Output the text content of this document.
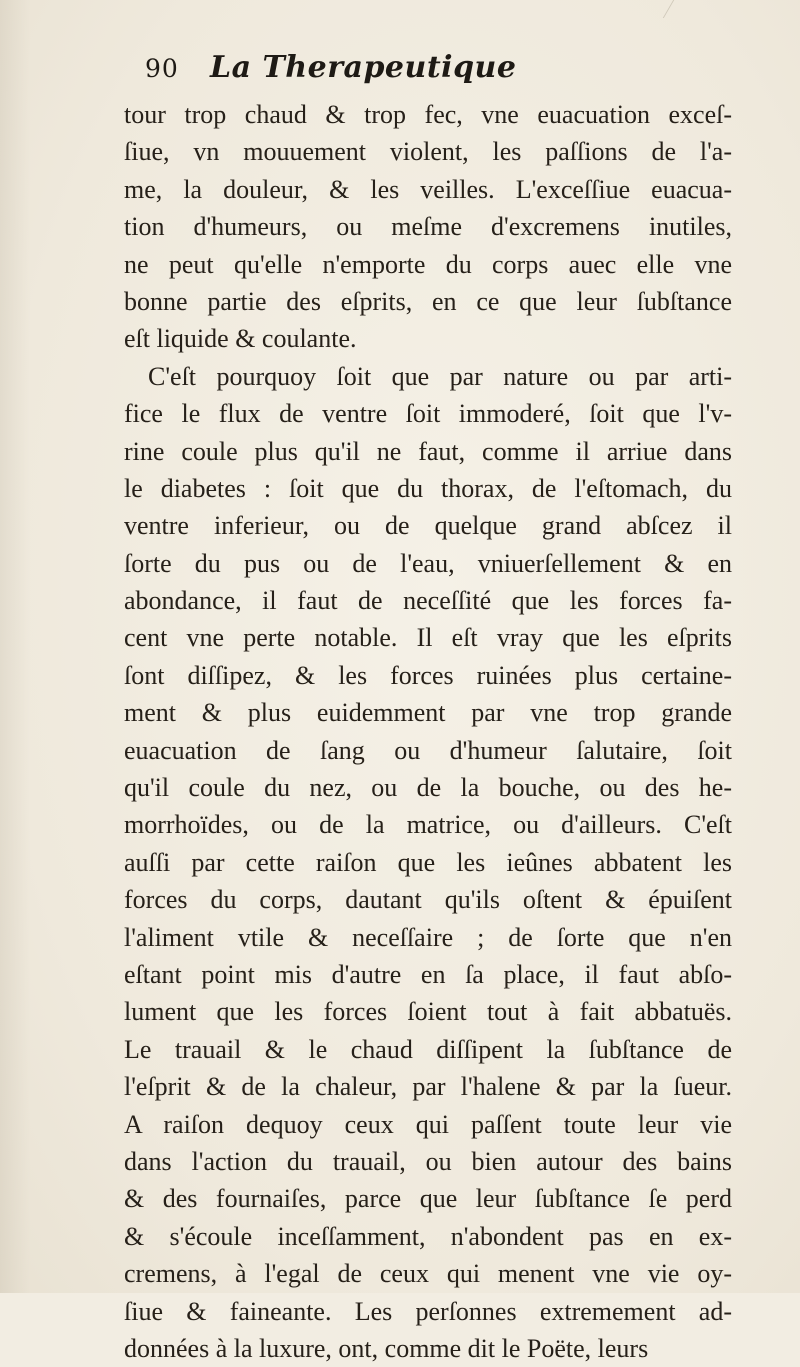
90 La Therapeutique
tour trop chaud & trop fec, vne euacuation exceſ-
ſiue, vn mouuement violent, les paſſions de l'a-
me, la douleur, & les veilles. L'exceſſiue euacua-
tion d'humeurs, ou meſme d'excremens inutiles,
ne peut qu'elle n'emporte du corps auec elle vne
bonne partie des eſprits, en ce que leur ſubſtance
eſt liquide & coulante.
C'eſt pourquoy ſoit que par nature ou par arti-
fice le flux de ventre ſoit immoderé, ſoit que l'v-
rine coule plus qu'il ne faut, comme il arriue dans
le diabetes : ſoit que du thorax, de l'eſtomach, du
ventre inferieur, ou de quelque grand abſcez il
ſorte du pus ou de l'eau, vniuerſellement & en
abondance, il faut de neceſſité que les forces fa-
cent vne perte notable. Il eſt vray que les eſprits
ſont diſſipez, & les forces ruinées plus certaine-
ment & plus euidemment par vne trop grande
euacuation de ſang ou d'humeur ſalutaire, ſoit
qu'il coule du nez, ou de la bouche, ou des he-
morrhoïdes, ou de la matrice, ou d'ailleurs. C'eſt
auſſi par cette raiſon que les ieûnes abbatent les
forces du corps, dautant qu'ils oſtent & épuiſent
l'aliment vtile & neceſſaire ; de ſorte que n'en
eſtant point mis d'autre en ſa place, il faut abſo-
lument que les forces ſoient tout à fait abbatuës.
Le trauail & le chaud diſſipent la ſubſtance de
l'eſprit & de la chaleur, par l'halene & par la ſueur.
A raiſon dequoy ceux qui paſſent toute leur vie
dans l'action du trauail, ou bien autour des bains
& des fournaiſes, parce que leur ſubſtance ſe perd
& s'écoule inceſſamment, n'abondent pas en ex-
cremens, à l'egal de ceux qui menent vne vie oy-
ſiue & faineante. Les perſonnes extremement ad-
données à la luxure, ont, comme dit le Poëte, leurs
